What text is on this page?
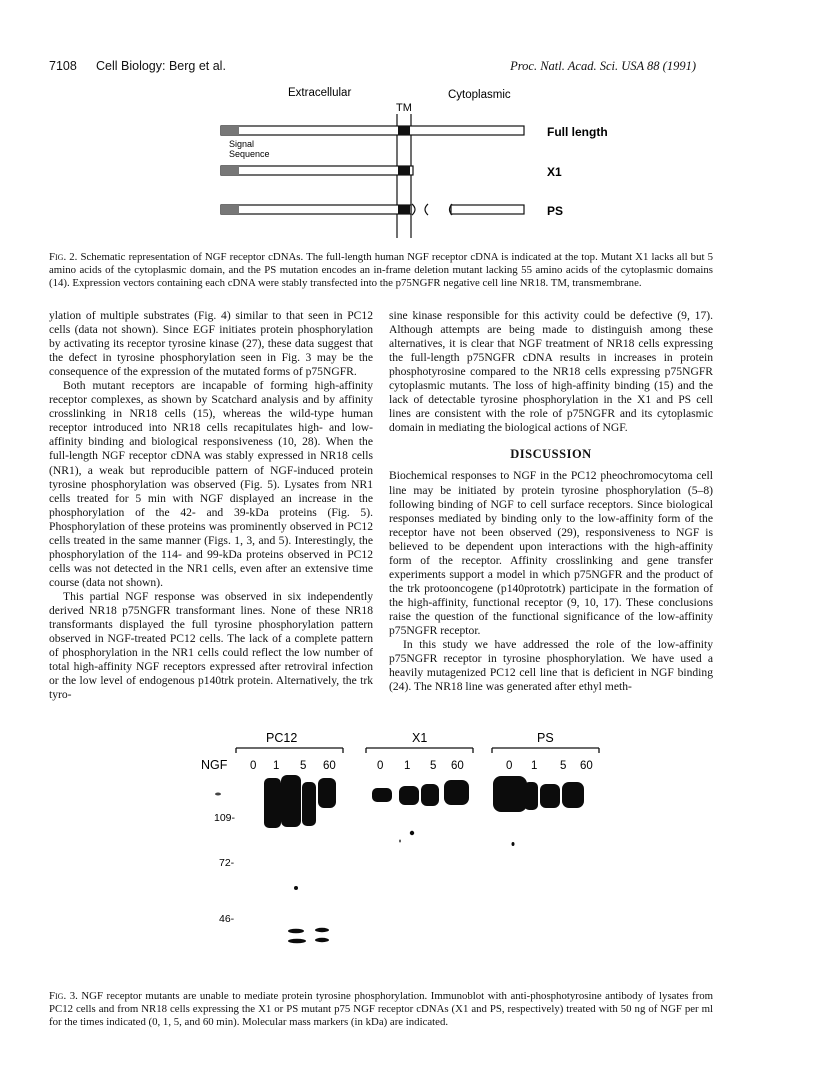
7108 Cell Biology: Berg et al.	Proc. Natl. Acad. Sci. USA 88 (1991)
Extracellular
TM
Cytoplasmic
Full length
Signal
Sequence
X1
PS
Fig. 2. Schematic representation of NGF receptor cDNAs. The full-length human NGF receptor cDNA is indicated at the top. Mutant X1 lacks all but 5 amino acids of the cytoplasmic domain, and the PS mutation encodes an in-frame deletion mutant lacking 55 amino acids of the cytoplasmic domains (14). Expression vectors containing each cDNA were stably transfected into the p75NGFR negative cell line NR18. TM, transmembrane.

ylation of multiple substrates (Fig. 4) similar to that seen in PC12 cells (data not shown). Since EGF initiates protein phosphorylation by activating its receptor tyrosine kinase (27), these data suggest that the defect in tyrosine phosphorylation seen in Fig. 3 may be the consequence of the expression of the mutated forms of p75NGFR.

Both mutant receptors are incapable of forming high-affinity receptor complexes, as shown by Scatchard analysis and by affinity crosslinking in NR18 cells (15), whereas the wild-type human receptor introduced into NR18 cells recapitulates high- and low-affinity binding and biological responsiveness (10, 28). When the full-length NGF receptor cDNA was stably expressed in NR18 cells (NR1), a weak but reproducible pattern of NGF-induced protein tyrosine phosphorylation was observed (Fig. 5). Lysates from NR1 cells treated for 5 min with NGF displayed an increase in the phosphorylation of the 42- and 39-kDa proteins (Fig. 5). Phosphorylation of these proteins was prominently observed in PC12 cells treated in the same manner (Figs. 1, 3, and 5). Interestingly, the phosphorylation of the 114- and 99-kDa proteins observed in PC12 cells was not detected in the NR1 cells, even after an extensive time course (data not shown).

This partial NGF response was observed in six independently derived NR18 p75NGFR transformant lines. None of these NR18 transformants displayed the full tyrosine phosphorylation pattern observed in NGF-treated PC12 cells. The lack of a complete pattern of phosphorylation in the NR1 cells could reflect the low number of total high-affinity NGF receptors expressed after retroviral infection or the low level of endogenous p140trk protein. Alternatively, the trk tyro-

sine kinase responsible for this activity could be defective (9, 17). Although attempts are being made to distinguish among these alternatives, it is clear that NGF treatment of NR18 cells expressing the full-length p75NGFR cDNA results in increases in protein phosphotyrosine compared to the NR18 cells expressing p75NGFR cytoplasmic mutants. The loss of high-affinity binding (15) and the lack of detectable tyrosine phosphorylation in the X1 and PS cell lines are consistent with the role of p75NGFR and its cytoplasmic domain in mediating the biological actions of NGF.

DISCUSSION

Biochemical responses to NGF in the PC12 pheochromocytoma cell line may be initiated by protein tyrosine phosphorylation (5–8) following binding of NGF to cell surface receptors. Since biological responses mediated by binding only to the low-affinity form of the receptor have not been observed (29), responsiveness to NGF is believed to be dependent upon interactions with the high-affinity form of the receptor. Affinity crosslinking and gene transfer experiments support a model in which p75NGFR and the product of the trk protooncogene (p140prototrk) participate in the formation of the high-affinity, functional receptor (9, 10, 17). These conclusions raise the question of the functional significance of the low-affinity p75NGFR receptor.

In this study we have addressed the role of the low-affinity p75NGFR receptor in tyrosine phosphorylation. We have used a heavily mutagenized PC12 cell line that is deficient in NGF binding (24). The NR18 line was generated after ethyl meth-

PC12	X1	PS
NGF 0 1 5 60	0 1 5 60	0 1 5 60
109-
72-
46-
Fig. 3. NGF receptor mutants are unable to mediate protein tyrosine phosphorylation. Immunoblot with anti-phosphotyrosine antibody of lysates from PC12 cells and from NR18 cells expressing the X1 or PS mutant p75 NGF receptor cDNAs (X1 and PS, respectively) treated with 50 ng of NGF per ml for the times indicated (0, 1, 5, and 60 min). Molecular mass markers (in kDa) are indicated.
